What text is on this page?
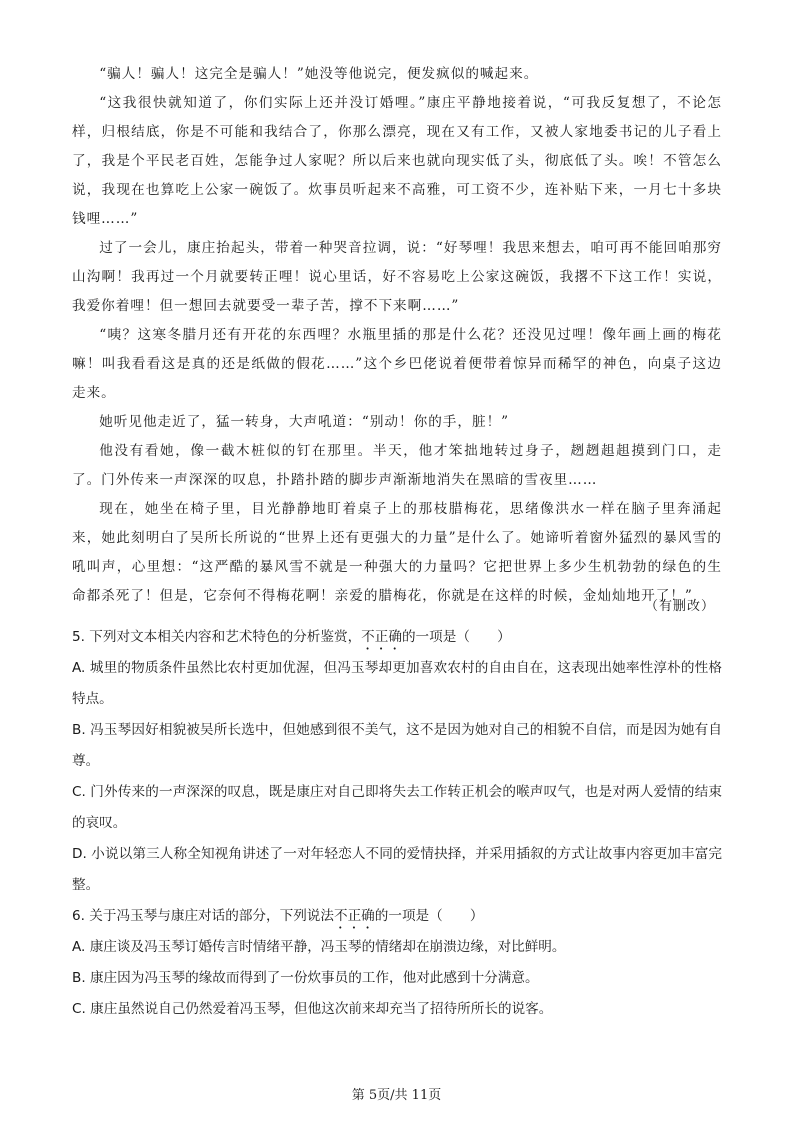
“骗人！骗人！这完全是骗人！”她没等他说完，便发疯似的喊起来。

“这我很快就知道了，你们实际上还并没订婚哩。”康庄平静地接着说，“可我反复想了，不论怎样，归根结底，你是不可能和我结合了，你那么漂亮，现在又有工作，又被人家地委书记的儿子看上了，我是个平民老百姓，怎能争过人家呢？所以后来也就向现实低了头，彻底低了头。唉！不管怎么说，我现在也算吃上公家一碗饭了。炊事员听起来不高雅，可工资不少，连补贴下来，一月七十多块钱哩……”

过了一会儿，康庄抬起头，带着一种哭音拉调，说：“好琴哩！我思来想去，咱可再不能回咱那穷山沟啊！我再过一个月就要转正哩！说心里话，好不容易吃上公家这碗饭，我撂不下这工作！实说，我爱你着哩！但一想回去就要受一辈子苦，撑不下来啊……”

“咦？这寒冬腊月还有开花的东西哩？水瓶里插的那是什么花？还没见过哩！像年画上画的梅花嘛！叫我看看这是真的还是纸做的假花……”这个乡巴佬说着便带着惊异而稀罕的神色，向桌子这边走来。

她听见他走近了，猛一转身，大声吼道：“别动！你的手，脏！”

他没有看她，像一截木桩似的钉在那里。半天，他才笨拙地转过身子，趔趔趄趄摸到门口，走了。门外传来一声深深的叹息，扑踏扑踏的脚步声渐渐地消失在黑暗的雪夜里……

现在，她坐在椅子里，目光静静地盯着桌子上的那枝腊梅花，思绪像洪水一样在脑子里奔涌起来，她此刻明白了吴所长所说的“世界上还有更强大的力量”是什么了。她谛听着窗外猛烈的暴风雪的吼叫声，心里想：“这严酷的暴风雪不就是一种强大的力量吗？它把世界上多少生机勃勃的绿色的生命都杀死了！但是，它奈何不得梅花啊！亲爱的腊梅花，你就是在这样的时候，金灿灿地开了！”

（有删改）

5. 下列对文本相关内容和艺术特色的分析鉴赏，不正确的一项是（　　）

A. 城里的物质条件虽然比农村更加优渥，但冯玉琴却更加喜欢农村的自由自在，这表现出她率性淳朴的性格特点。

B. 冯玉琴因好相貌被吴所长选中，但她感到很不美气，这不是因为她对自己的相貌不自信，而是因为她有自尊。

C. 门外传来的一声深深的叹息，既是康庄对自己即将失去工作转正机会的喉声叹气，也是对两人爱情的结束的哀叹。

D. 小说以第三人称全知视角讲述了一对年轻恋人不同的爱情抉择，并采用插叙的方式让故事内容更加丰富完整。

6. 关于冯玉琴与康庄对话的部分，下列说法不正确的一项是（　　）

A. 康庄谈及冯玉琴订婚传言时情绪平静，冯玉琴的情绪却在崩溃边缘，对比鲜明。

B. 康庄因为冯玉琴的缘故而得到了一份炊事员的工作，他对此感到十分满意。

C. 康庄虽然说自己仍然爱着冯玉琴，但他这次前来却充当了招待所所长的说客。

第 5页/共 11页
